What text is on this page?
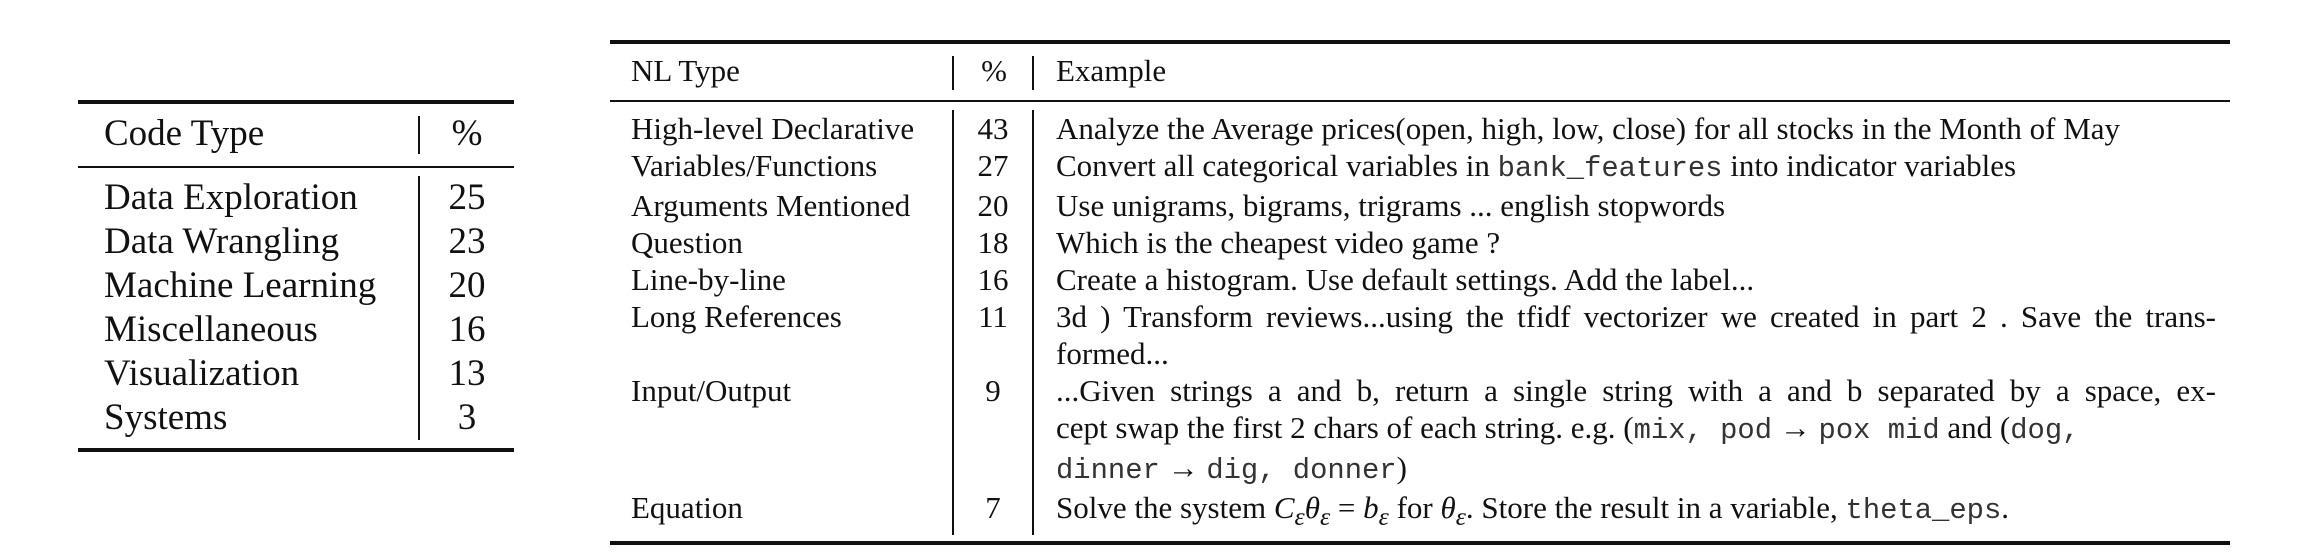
Code Type	%
Data Exploration	25
Data Wrangling	23
Machine Learning	20
Miscellaneous	16
Visualization	13
Systems	3
NL Type	%	Example
High-level Declarative	43	Analyze the Average prices(open, high, low, close) for all stocks in the Month of May
Variables/Functions	27	Convert all categorical variables in bank_features into indicator variables
Arguments Mentioned	20	Use unigrams, bigrams, trigrams ... english stopwords
Question	18	Which is the cheapest video game ?
Line-by-line	16	Create a histogram. Use default settings. Add the label...
Long References	11	3d ) Transform reviews...using the tfidf vectorizer we created in part 2 . Save the trans-
formed...
Input/Output	9	...Given strings a and b, return a single string with a and b separated by a space, ex-
cept swap the first 2 chars of each string. e.g. (mix, pod → pox mid and (dog,
dinner → dig, donner)
Equation	7	Solve the system $C_\varepsilon\theta_\varepsilon = b_\varepsilon$ for $\theta_\varepsilon$. Store the result in a variable, theta_eps.
